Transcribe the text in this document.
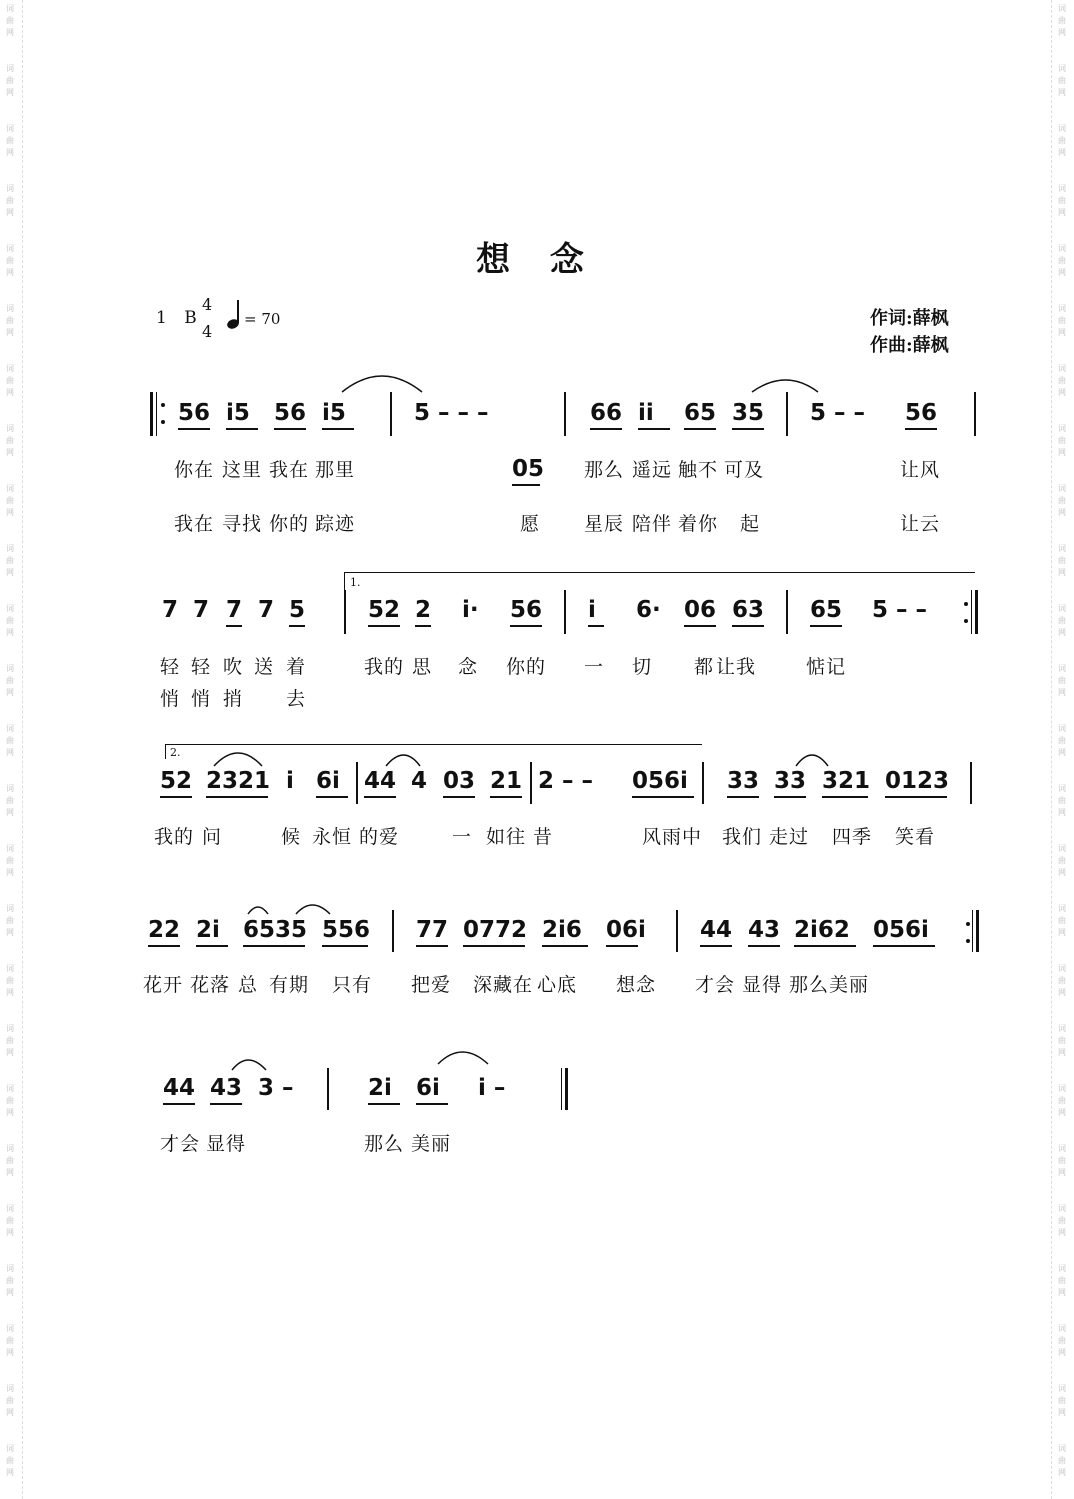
词
曲
网
词
曲
网
词
曲
网
词
曲
网
词
曲
网
词
曲
网
词
曲
网
词
曲
网
词
曲
网
词
曲
网
词
曲
网
词
曲
网
词
曲
网
词
曲
网
词
曲
网
词
曲
网
词
曲
网
词
曲
网
词
曲
网
词
曲
网
词
曲
网
词
曲
网
词
曲
网
词
曲
网
词
曲
网
词
曲
网
词
曲
网
词
曲
网
词
曲
网
词
曲
网
词
曲
网
词
曲
网
词
曲
网
词
曲
网
词
曲
网
词
曲
网
词
曲
网
词
曲
网
词
曲
网
词
曲
网
词
曲
网
词
曲
网
词
曲
网
词
曲
网
词
曲
网
词
曲
网
词
曲
网
词
曲
网
词
曲
网
词
曲
网
想 念
1 B
4
4
= 70	作词:薛枫
作曲:薛枫
56 i5 56 i5	5 – – –
05
66 ii 65 35 5 – – 56
你在 这里 我在 那里	那么 遥远 触不 可及	让风
我在 寻找 你的 踪迹	愿 星辰 陪伴 着你 起	让云
1.
7 7 7 7 5	52 2 i· 56 i 6· 06 63 65 5 – –
轻 轻 吹 送 着	我的 思 念 你的 一 切 都 让我	惦记
悄 悄 捎 去
2.
52 2321 i 6i 44 4 03 21 2 – – 056i 33 33 321 0123
我的 问	候 永恒 的爱	一 如往 昔	风雨中 我们 走过 四季 笑看
22 2i 6535 556 77 0772 2i6 06i 44 43 2i62 056i
花开 花落 总 有期 只有 把爱 深藏在 心底 想念 才会 显得 那么美丽
44 43 3 –	2i 6i i –
才会 显得	那么 美丽
